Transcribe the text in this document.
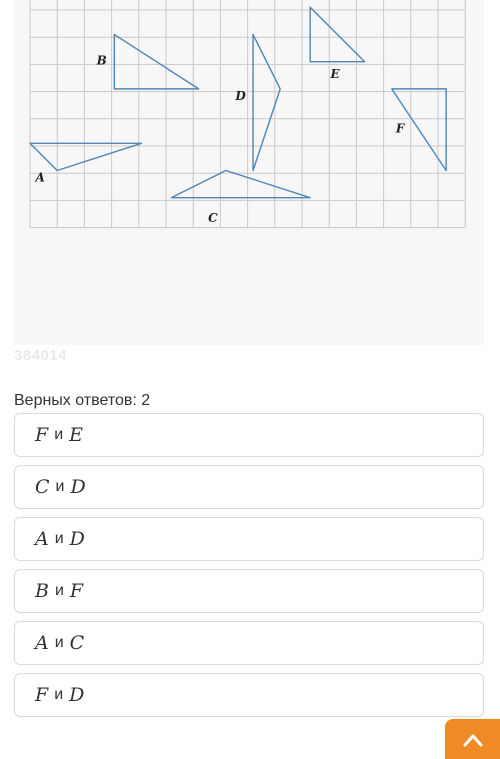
A
B
C
D
E
F
384014
Верных ответов: 2
F и E
C и D
A и D
B и F
A и C
F и D
